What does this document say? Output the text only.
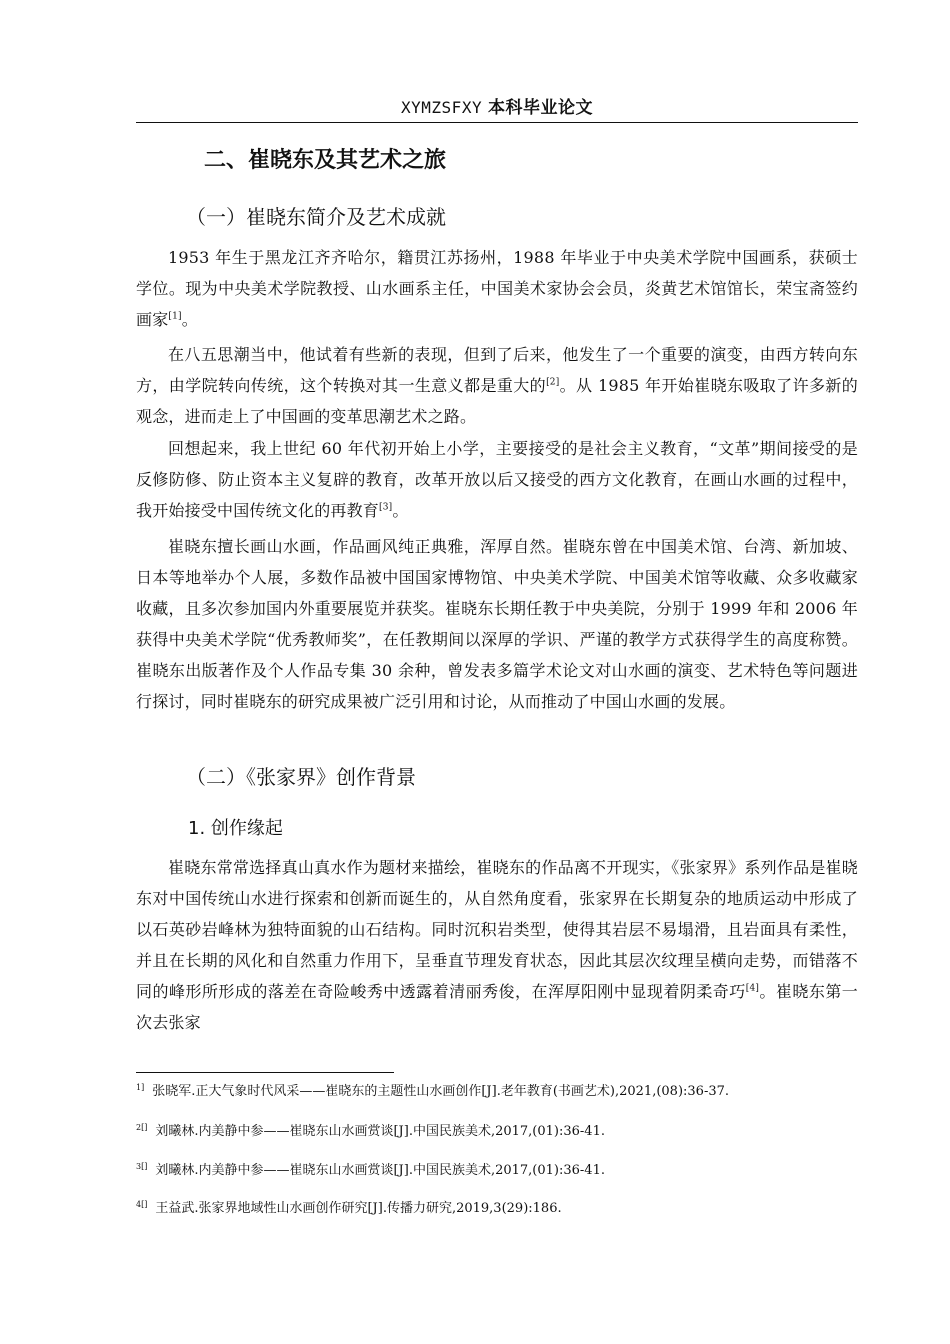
XYMZSFXY 本科毕业论文
二、崔晓东及其艺术之旅
（一）崔晓东简介及艺术成就

1953 年生于黑龙江齐齐哈尔，籍贯江苏扬州，1988 年毕业于中央美术学院中国画系，获硕士学位。现为中央美术学院教授、山水画系主任，中国美术家协会会员，炎黄艺术馆馆长，荣宝斋签约画家[1]。

在八五思潮当中，他试着有些新的表现，但到了后来，他发生了一个重要的演变，由西方转向东方，由学院转向传统，这个转换对其一生意义都是重大的[2]。从 1985 年开始崔晓东吸取了许多新的观念，进而走上了中国画的变革思潮艺术之路。

回想起来，我上世纪 60 年代初开始上小学，主要接受的是社会主义教育，“文革”期间接受的是反修防修、防止资本主义复辟的教育，改革开放以后又接受的西方文化教育，在画山水画的过程中，我开始接受中国传统文化的再教育[3]。

崔晓东擅长画山水画，作品画风纯正典雅，浑厚自然。崔晓东曾在中国美术馆、台湾、新加坡、日本等地举办个人展，多数作品被中国国家博物馆、中央美术学院、中国美术馆等收藏、众多收藏家收藏，且多次参加国内外重要展览并获奖。崔晓东长期任教于中央美院，分别于 1999 年和 2006 年获得中央美术学院“优秀教师奖”，在任教期间以深厚的学识、严谨的教学方式获得学生的高度称赞。崔晓东出版著作及个人作品专集 30 余种，曾发表多篇学术论文对山水画的演变、艺术特色等问题进行探讨，同时崔晓东的研究成果被广泛引用和讨论，从而推动了中国山水画的发展。

（二）《张家界》创作背景
1. 创作缘起

崔晓东常常选择真山真水作为题材来描绘，崔晓东的作品离不开现实，《张家界》系列作品是崔晓东对中国传统山水进行探索和创新而诞生的，从自然角度看，张家界在长期复杂的地质运动中形成了以石英砂岩峰林为独特面貌的山石结构。同时沉积岩类型，使得其岩层不易塌滑，且岩面具有柔性，并且在长期的风化和自然重力作用下，呈垂直节理发育状态，因此其层次纹理呈横向走势，而错落不同的峰形所形成的落差在奇险峻秀中透露着清丽秀俊，在浑厚阳刚中显现着阴柔奇巧[4]。崔晓东第一次去张家

$^{1]}$ 张晓军.正大气象时代风采——崔晓东的主题性山水画创作[J].老年教育(书画艺术),2021,(08):36-37.
$^{2[]}$ 刘曦林.内美静中参——崔晓东山水画赏谈[J].中国民族美术,2017,(01):36-41.
$^{3[]}$ 刘曦林.内美静中参——崔晓东山水画赏谈[J].中国民族美术,2017,(01):36-41.
$^{4[]}$ 王益武.张家界地域性山水画创作研究[J].传播力研究,2019,3(29):186.
